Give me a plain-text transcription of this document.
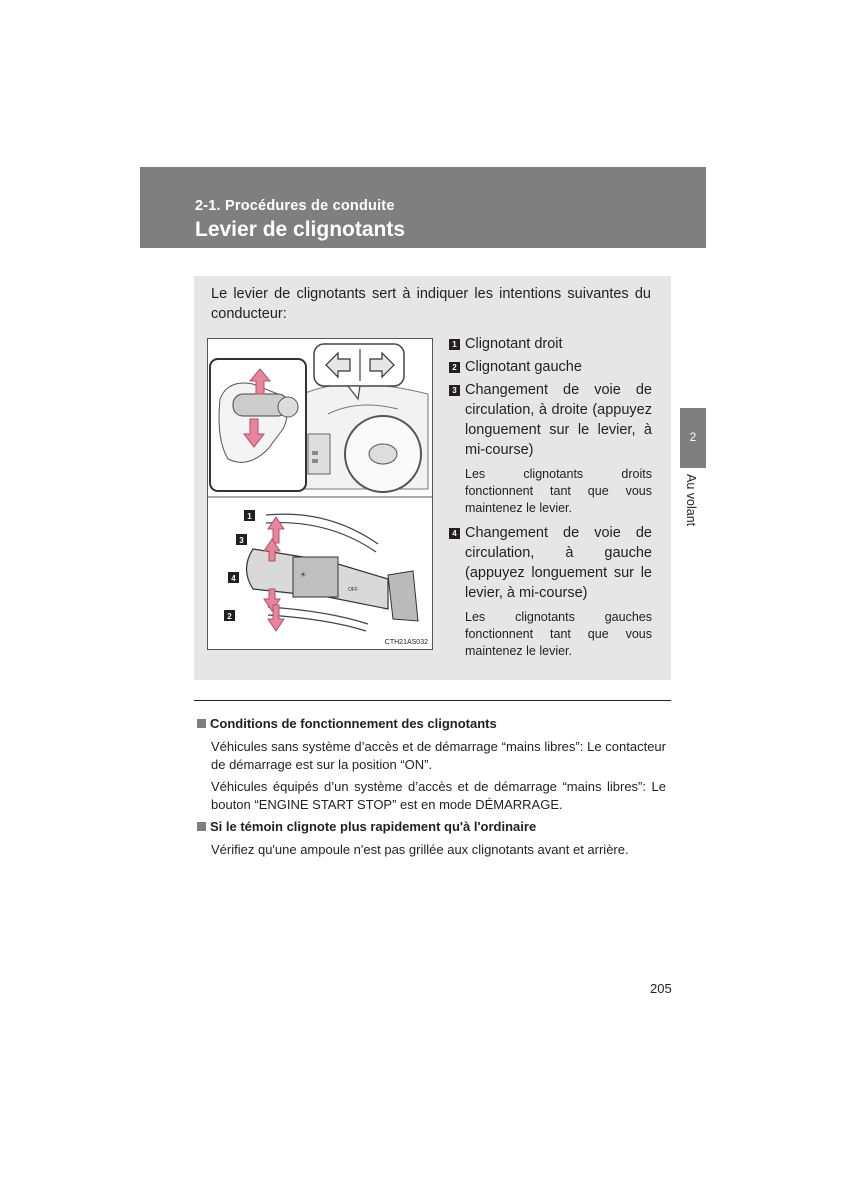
2-1. Procédures de conduite
Levier de clignotants
2
Au volant
Le levier de clignotants sert à indiquer les intentions suivantes du conducteur:
☀
OFF
1
3
4
2
CTH21AS032
1 Clignotant droit
2 Clignotant gauche
3 Changement de voie de circulation, à droite (appuyez longuement sur le levier, à mi-course)
Les clignotants droits fonctionnent tant que vous maintenez le levier.
4 Changement de voie de circulation, à gauche (appuyez longuement sur le levier, à mi-course)
Les clignotants gauches fonctionnent tant que vous maintenez le levier.
Conditions de fonctionnement des clignotants
Véhicules sans système d’accès et de démarrage “mains libres”: Le contacteur de démarrage est sur la position “ON”.
Véhicules équipés d’un système d’accès et de démarrage “mains libres”: Le bouton “ENGINE START STOP” est en mode DÉMARRAGE.
Si le témoin clignote plus rapidement qu'à l'ordinaire
Vérifiez qu'une ampoule n'est pas grillée aux clignotants avant et arrière.
205
